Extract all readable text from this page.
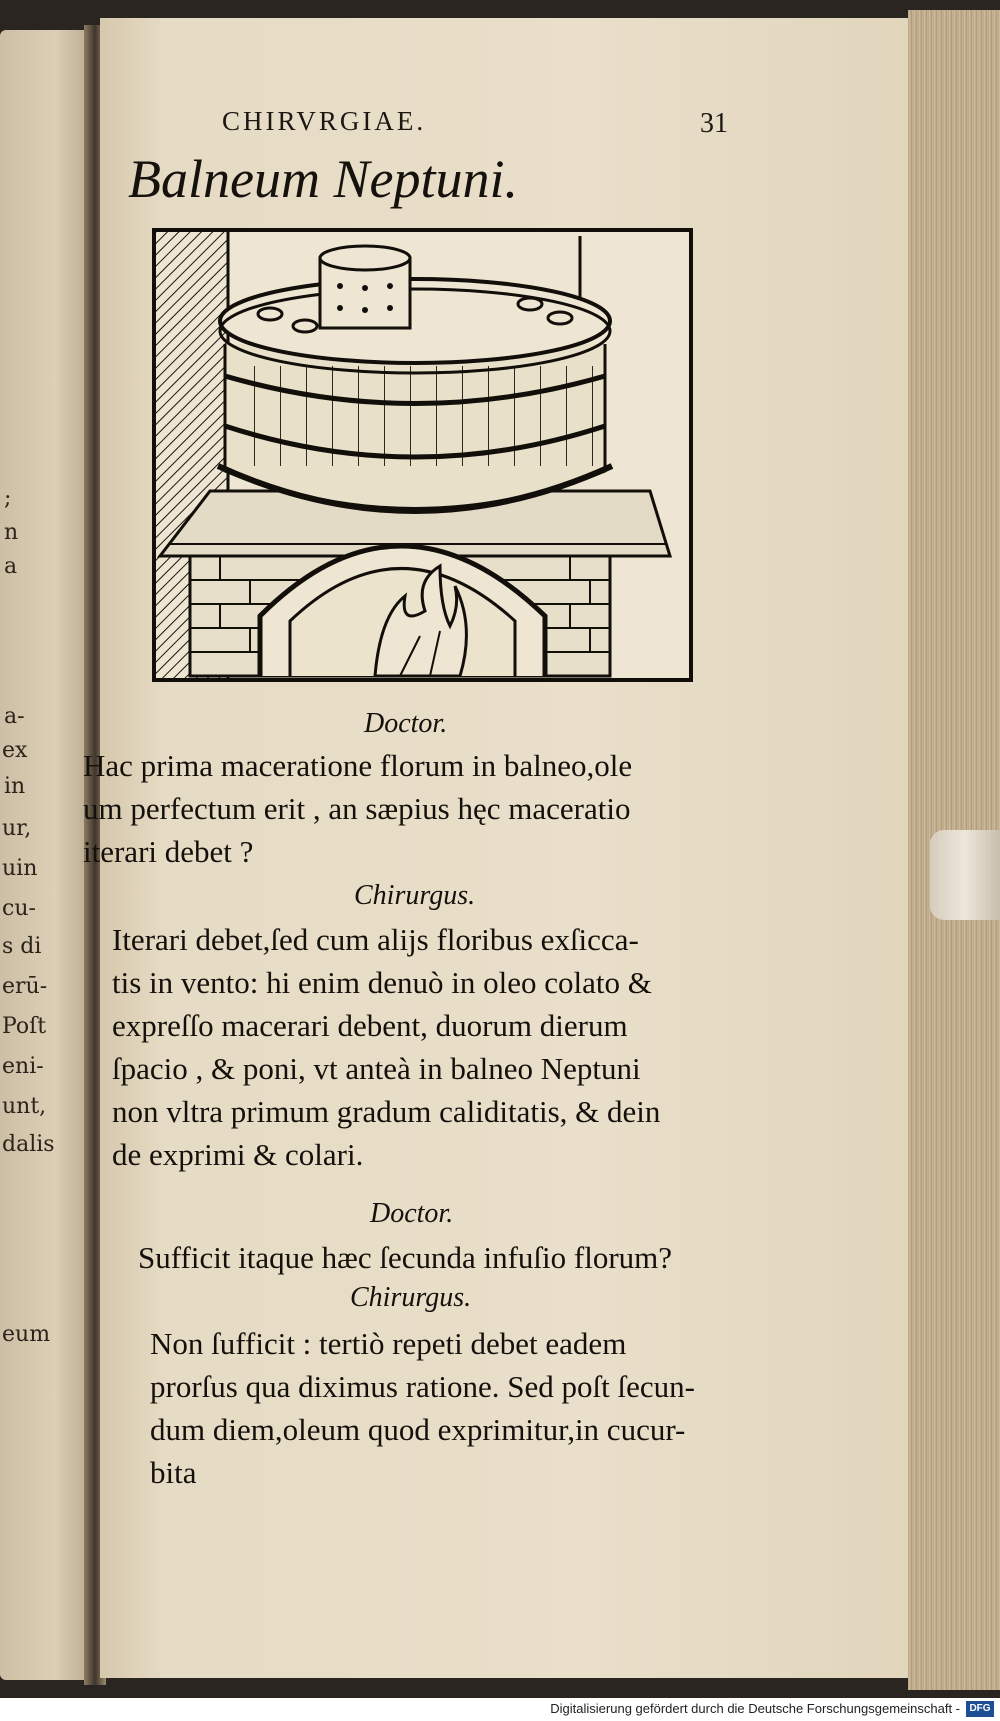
;
n
a
a-
ex
in
ur,
uin
cu-
s di
erū-
Poſt
eni-
unt,
dalis
eum
CHIRVRGIAE.	31
Balneum Neptuni.
Doctor.
Hac prima maceratione florum in balneo,ole
um perfectum erit , an sæpius hęc maceratio
iterari debet ?
Chirurgus.
Iterari debet,ſed cum alijs floribus exſicca-
tis in vento: hi enim denuò in oleo colato &
expreſſo macerari debent, duorum dierum
ſpacio , & poni, vt anteà in balneo Neptuni
non vltra primum gradum caliditatis, & dein
de exprimi & colari.
Doctor.
Sufficit itaque hæc ſecunda infuſio florum?
Chirurgus.
Non ſufficit : tertiò repeti debet eadem
prorſus qua diximus ratione. Sed poſt ſecun-
dum diem,oleum quod exprimitur,in cucur-
bita
Digitalisierung gefördert durch die Deutsche Forschungsgemeinschaft - DFG
